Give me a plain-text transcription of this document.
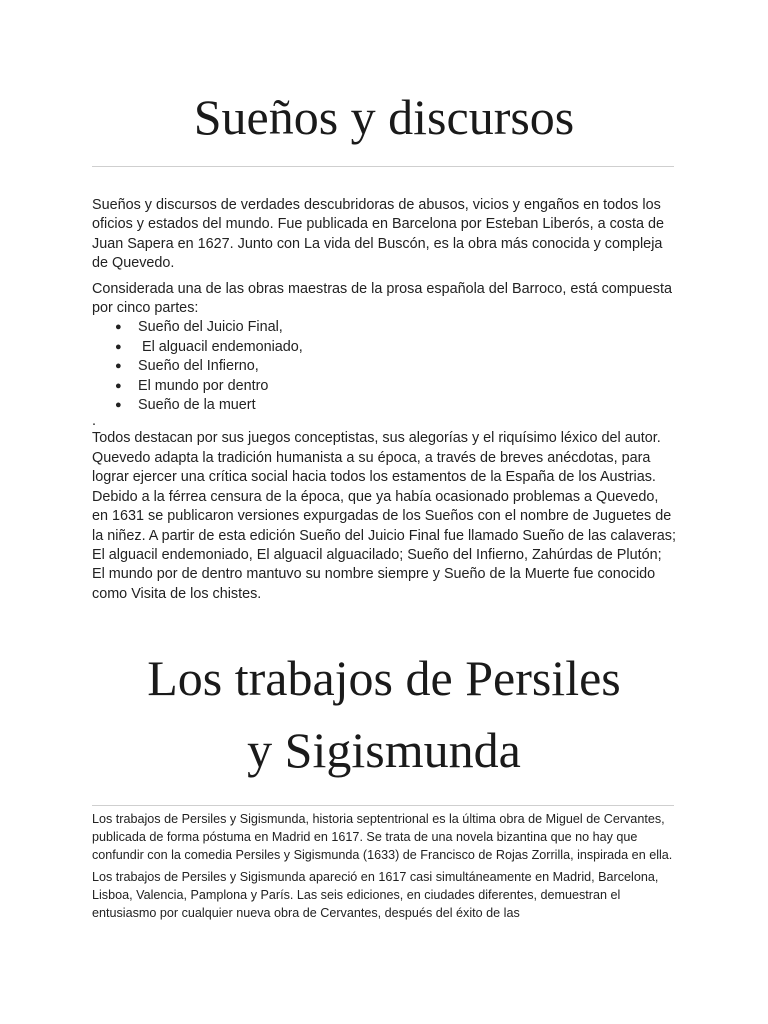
Sueños y discursos

Sueños y discursos de verdades descubridoras de abusos, vicios y engaños en todos los oficios y estados del mundo. Fue publicada en Barcelona por Esteban Liberós, a costa de Juan Sapera en 1627. Junto con La vida del Buscón, es la obra más conocida y compleja de Quevedo.

Considerada una de las obras maestras de la prosa española del Barroco, está compuesta por cinco partes:

● Sueño del Juicio Final,
● El alguacil endemoniado,
● Sueño del Infierno,
● El mundo por dentro
● Sueño de la muert

.

Todos destacan por sus juegos conceptistas, sus alegorías y el riquísimo léxico del autor. Quevedo adapta la tradición humanista a su época, a través de breves anécdotas, para lograr ejercer una crítica social hacia todos los estamentos de la España de los Austrias.

Debido a la férrea censura de la época, que ya había ocasionado problemas a Quevedo, en 1631 se publicaron versiones expurgadas de los Sueños con el nombre de Juguetes de la niñez. A partir de esta edición Sueño del Juicio Final fue llamado Sueño de las calaveras; El alguacil endemoniado, El alguacil alguacilado; Sueño del Infierno, Zahúrdas de Plutón; El mundo por de dentro mantuvo su nombre siempre y Sueño de la Muerte fue conocido como Visita de los chistes.

Los trabajos de Persiles
y Sigismunda

Los trabajos de Persiles y Sigismunda, historia septentrional es la última obra de Miguel de Cervantes, publicada de forma póstuma en Madrid en 1617. Se trata de una novela bizantina que no hay que confundir con la comedia Persiles y Sigismunda (1633) de Francisco de Rojas Zorrilla, inspirada en ella.

Los trabajos de Persiles y Sigismunda apareció en 1617 casi simultáneamente en Madrid, Barcelona, Lisboa, Valencia, Pamplona y París. Las seis ediciones, en ciudades diferentes, demuestran el entusiasmo por cualquier nueva obra de Cervantes, después del éxito de las
